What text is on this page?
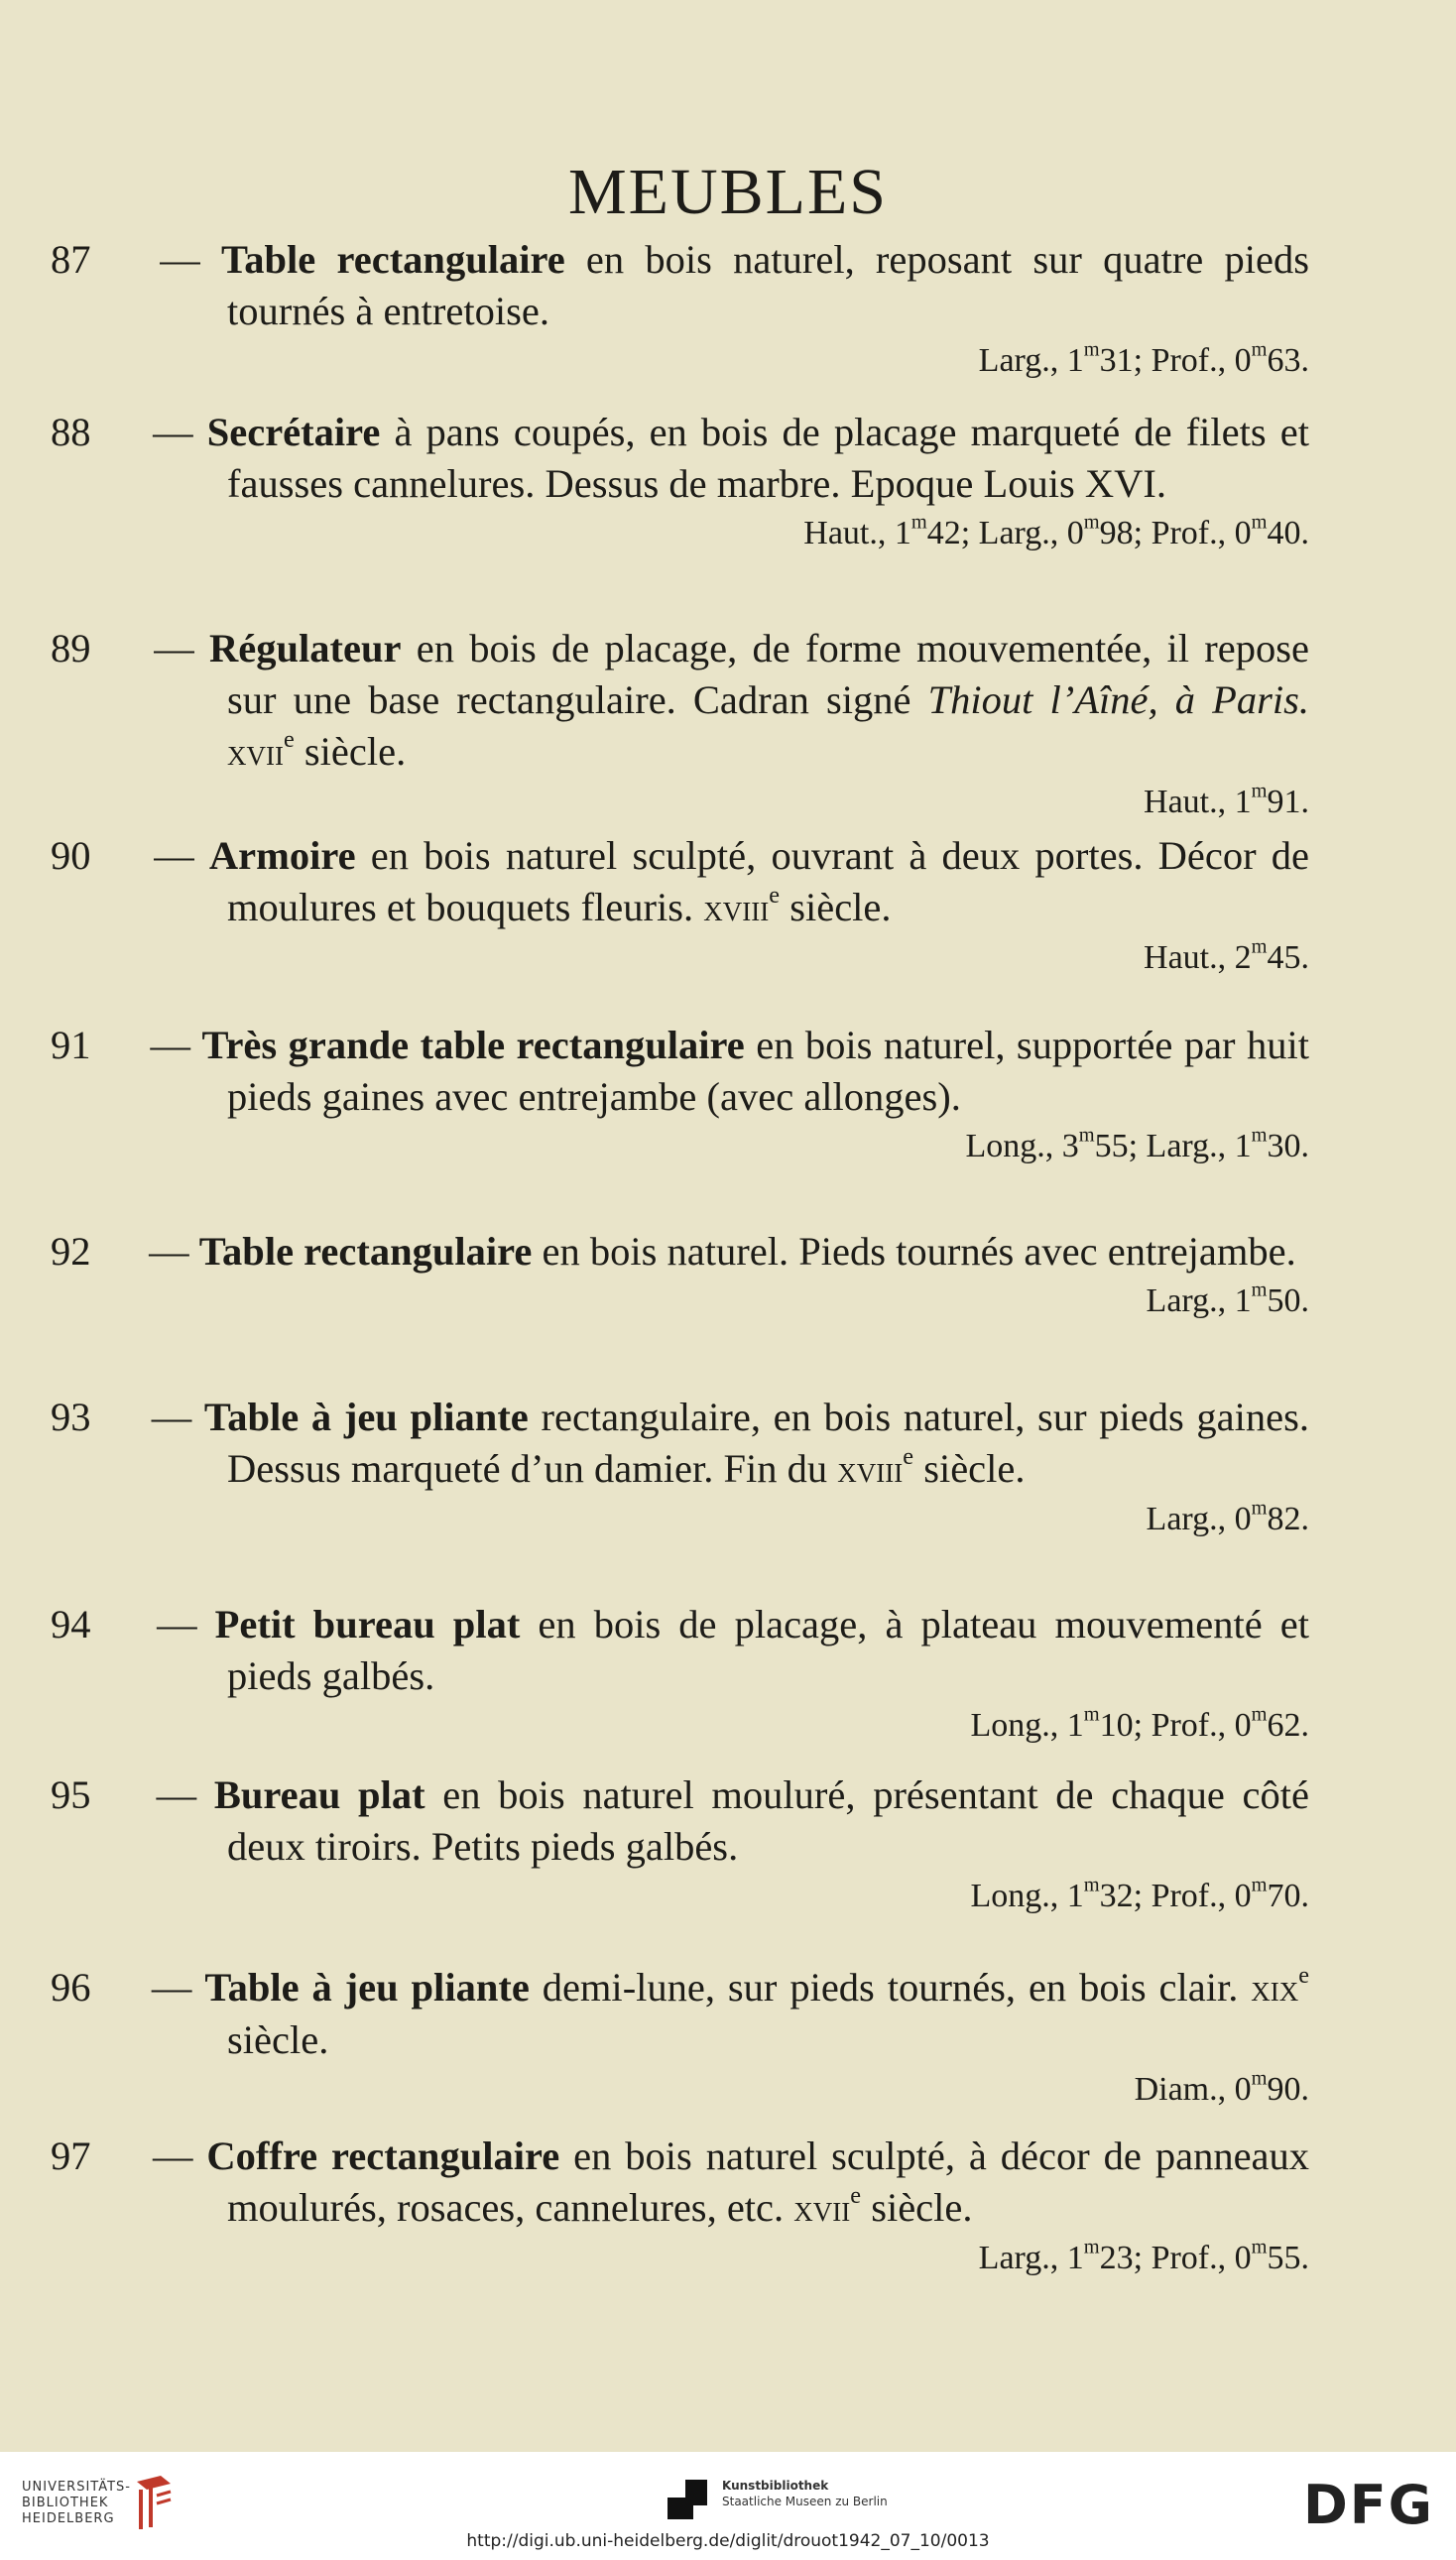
MEUBLES

87 — Table rectangulaire en bois naturel, reposant sur quatre pieds tournés à entretoise.

Larg., 1$^m$31; Prof., 0$^m$63.

88 — Secrétaire à pans coupés, en bois de placage marqueté de filets et fausses cannelures. Dessus de marbre. Epoque Louis XVI.

Haut., 1$^m$42; Larg., 0$^m$98; Prof., 0$^m$40.

89 — Régulateur en bois de placage, de forme mouvementée, il repose sur une base rectangulaire. Cadran signé Thiout l’Aîné, à Paris. xvii$^e$ siècle.

Haut., 1$^m$91.

90 — Armoire en bois naturel sculpté, ouvrant à deux portes. Décor de moulures et bouquets fleuris. xviii$^e$ siècle.

Haut., 2$^m$45.

91 — Très grande table rectangulaire en bois naturel, supportée par huit pieds gaines avec entrejambe (avec allonges).

Long., 3$^m$55; Larg., 1$^m$30.

92 — Table rectangulaire en bois naturel. Pieds tournés avec entrejambe.

Larg., 1$^m$50.

93 — Table à jeu pliante rectangulaire, en bois naturel, sur pieds gaines. Dessus marqueté d’un damier. Fin du xviii$^e$ siècle.

Larg., 0$^m$82.

94 — Petit bureau plat en bois de placage, à plateau mouvementé et pieds galbés.

Long., 1$^m$10; Prof., 0$^m$62.

95 — Bureau plat en bois naturel mouluré, présentant de chaque côté deux tiroirs. Petits pieds galbés.

Long., 1$^m$32; Prof., 0$^m$70.

96 — Table à jeu pliante demi-lune, sur pieds tournés, en bois clair. xix$^e$ siècle.

Diam., 0$^m$90.

97 — Coffre rectangulaire en bois naturel sculpté, à décor de panneaux moulurés, rosaces, cannelures, etc. xvii$^e$ siècle.

Larg., 1$^m$23; Prof., 0$^m$55.

UNIVERSITÄTS-
BIBLIOTHEK
HEIDELBERG
Kunstbibliothek
Staatliche Museen zu Berlin	DFG
http://digi.ub.uni-heidelberg.de/diglit/drouot1942_07_10/0013
